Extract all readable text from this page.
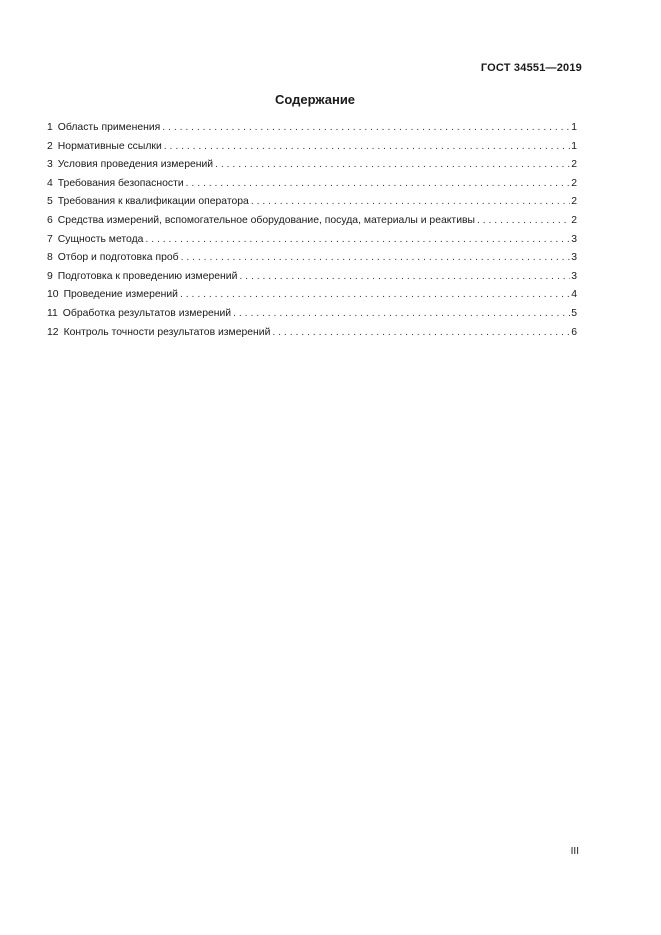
ГОСТ 34551—2019
Содержание
1 Область применения . . .	1
2 Нормативные ссылки . . .	1
3 Условия проведения измерений . . .	2
4 Требования безопасности . . .	2
5 Требования к квалификации оператора . . .	2
6 Средства измерений, вспомогательное оборудование, посуда, материалы и реактивы . . .	2
7 Сущность метода . . .	3
8 Отбор и подготовка проб . . .	3
9 Подготовка к проведению измерений . . .	3
10 Проведение измерений . . .	4
11 Обработка результатов измерений . . .	5
12 Контроль точности результатов измерений . . .	6
III
